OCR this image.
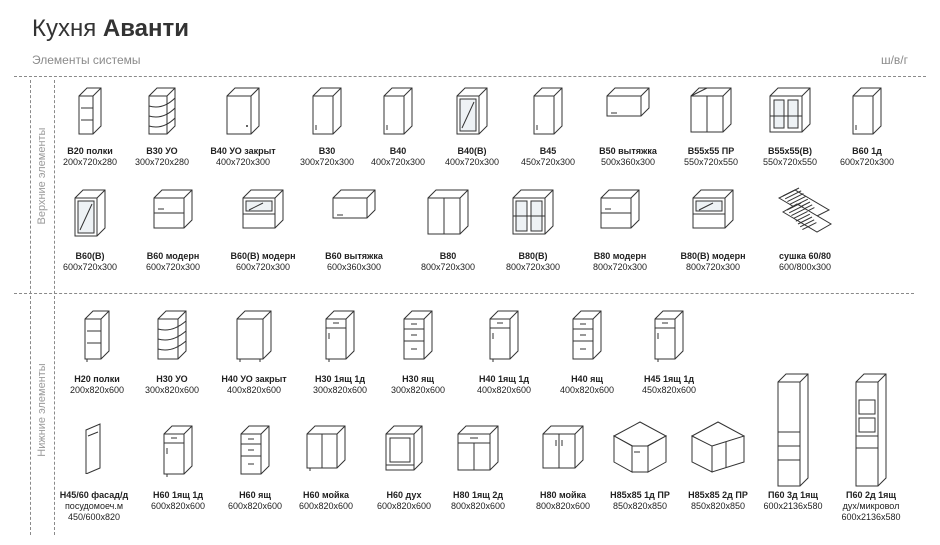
Кухня Аванти
Элементы системы	ш/в/г
Верхние элементы
Нижние элементы
В20 полки
200x720x280
В30 УО
300x720x280
В40 УО закрыт
400x720x300
В30
300x720x300
В40
400x720x300
В40(В)
400x720x300
В45
450x720x300
В50 вытяжка
500x360x300
В55x55 ПР
550x720x550
В55x55(В)
550x720x550
В60 1д
600x720x300
В60(В)
600x720x300
В60 модерн
600x720x300
В60(В) модерн
600x720x300
В60 вытяжка
600x360x300
В80
800x720x300
В80(В)
800x720x300
В80 модерн
800x720x300
В80(В) модерн
800x720x300
сушка 60/80
600/800x300
Н20 полки
200x820x600
Н30 УО
300x820x600
Н40 УО закрыт
400x820x600
Н30 1ящ 1д
300x820x600
Н30 ящ
300x820x600
Н40 1ящ 1д
400x820x600
Н40 ящ
400x820x600
Н45 1ящ 1д
450x820x600
Н45/60 фасад/д
посудомоеч.м
450/600x820
Н60 1ящ 1д
600x820x600
Н60 ящ
600x820x600
Н60 мойка
600x820x600
Н60 дух
600x820x600
Н80 1ящ 2д
800x820x600
Н80 мойка
800x820x600
Н85x85 1д ПР
850x820x850
Н85x85 2д ПР
850x820x850
П60 3д 1ящ
600x2136x580
П60 2д 1ящ
дух/микровол
600x2136x580
